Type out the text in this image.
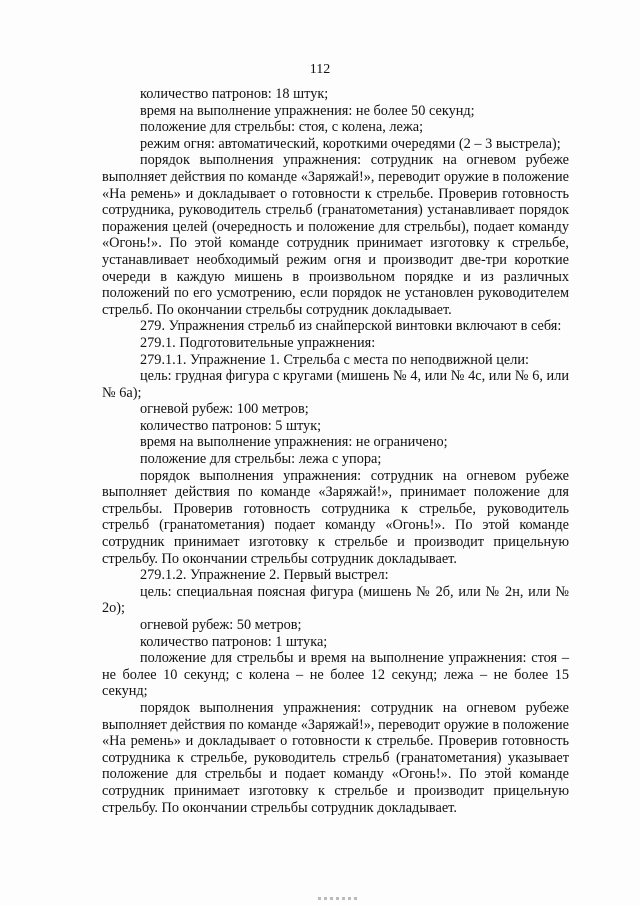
112

количество патронов: 18 штук;

время на выполнение упражнения: не более 50 секунд;

положение для стрельбы: стоя, с колена, лежа;

режим огня: автоматический, короткими очередями (2 – 3 выстрела);

порядок выполнения упражнения: сотрудник на огневом рубеже выполняет действия по команде «Заряжай!», переводит оружие в положение «На ремень» и докладывает о готовности к стрельбе. Проверив готовность сотрудника, руководитель стрельб (гранатометания) устанавливает порядок поражения целей (очередность и положение для стрельбы), подает команду «Огонь!». По этой команде сотрудник принимает изготовку к стрельбе, устанавливает необходимый режим огня и производит две-три короткие очереди в каждую мишень в произвольном порядке и из различных положений по его усмотрению, если порядок не установлен руководителем стрельб. По окончании стрельбы сотрудник докладывает.

279. Упражнения стрельб из снайперской винтовки включают в себя:

279.1. Подготовительные упражнения:

279.1.1. Упражнение 1. Стрельба с места по неподвижной цели:

цель: грудная фигура с кругами (мишень № 4, или № 4с, или № 6, или № 6а);

огневой рубеж: 100 метров;

количество патронов: 5 штук;

время на выполнение упражнения: не ограничено;

положение для стрельбы: лежа с упора;

порядок выполнения упражнения: сотрудник на огневом рубеже выполняет действия по команде «Заряжай!», принимает положение для стрельбы. Проверив готовность сотрудника к стрельбе, руководитель стрельб (гранатометания) подает команду «Огонь!». По этой команде сотрудник принимает изготовку к стрельбе и производит прицельную стрельбу. По окончании стрельбы сотрудник докладывает.

279.1.2. Упражнение 2. Первый выстрел:

цель: специальная поясная фигура (мишень № 2б, или № 2н, или № 2о);

огневой рубеж: 50 метров;

количество патронов: 1 штука;

положение для стрельбы и время на выполнение упражнения: стоя – не более 10 секунд; с колена – не более 12 секунд; лежа – не более 15 секунд;

порядок выполнения упражнения: сотрудник на огневом рубеже выполняет действия по команде «Заряжай!», переводит оружие в положение «На ремень» и докладывает о готовности к стрельбе. Проверив готовность сотрудника к стрельбе, руководитель стрельб (гранатометания) указывает положение для стрельбы и подает команду «Огонь!». По этой команде сотрудник принимает изготовку к стрельбе и производит прицельную стрельбу. По окончании стрельбы сотрудник докладывает.
